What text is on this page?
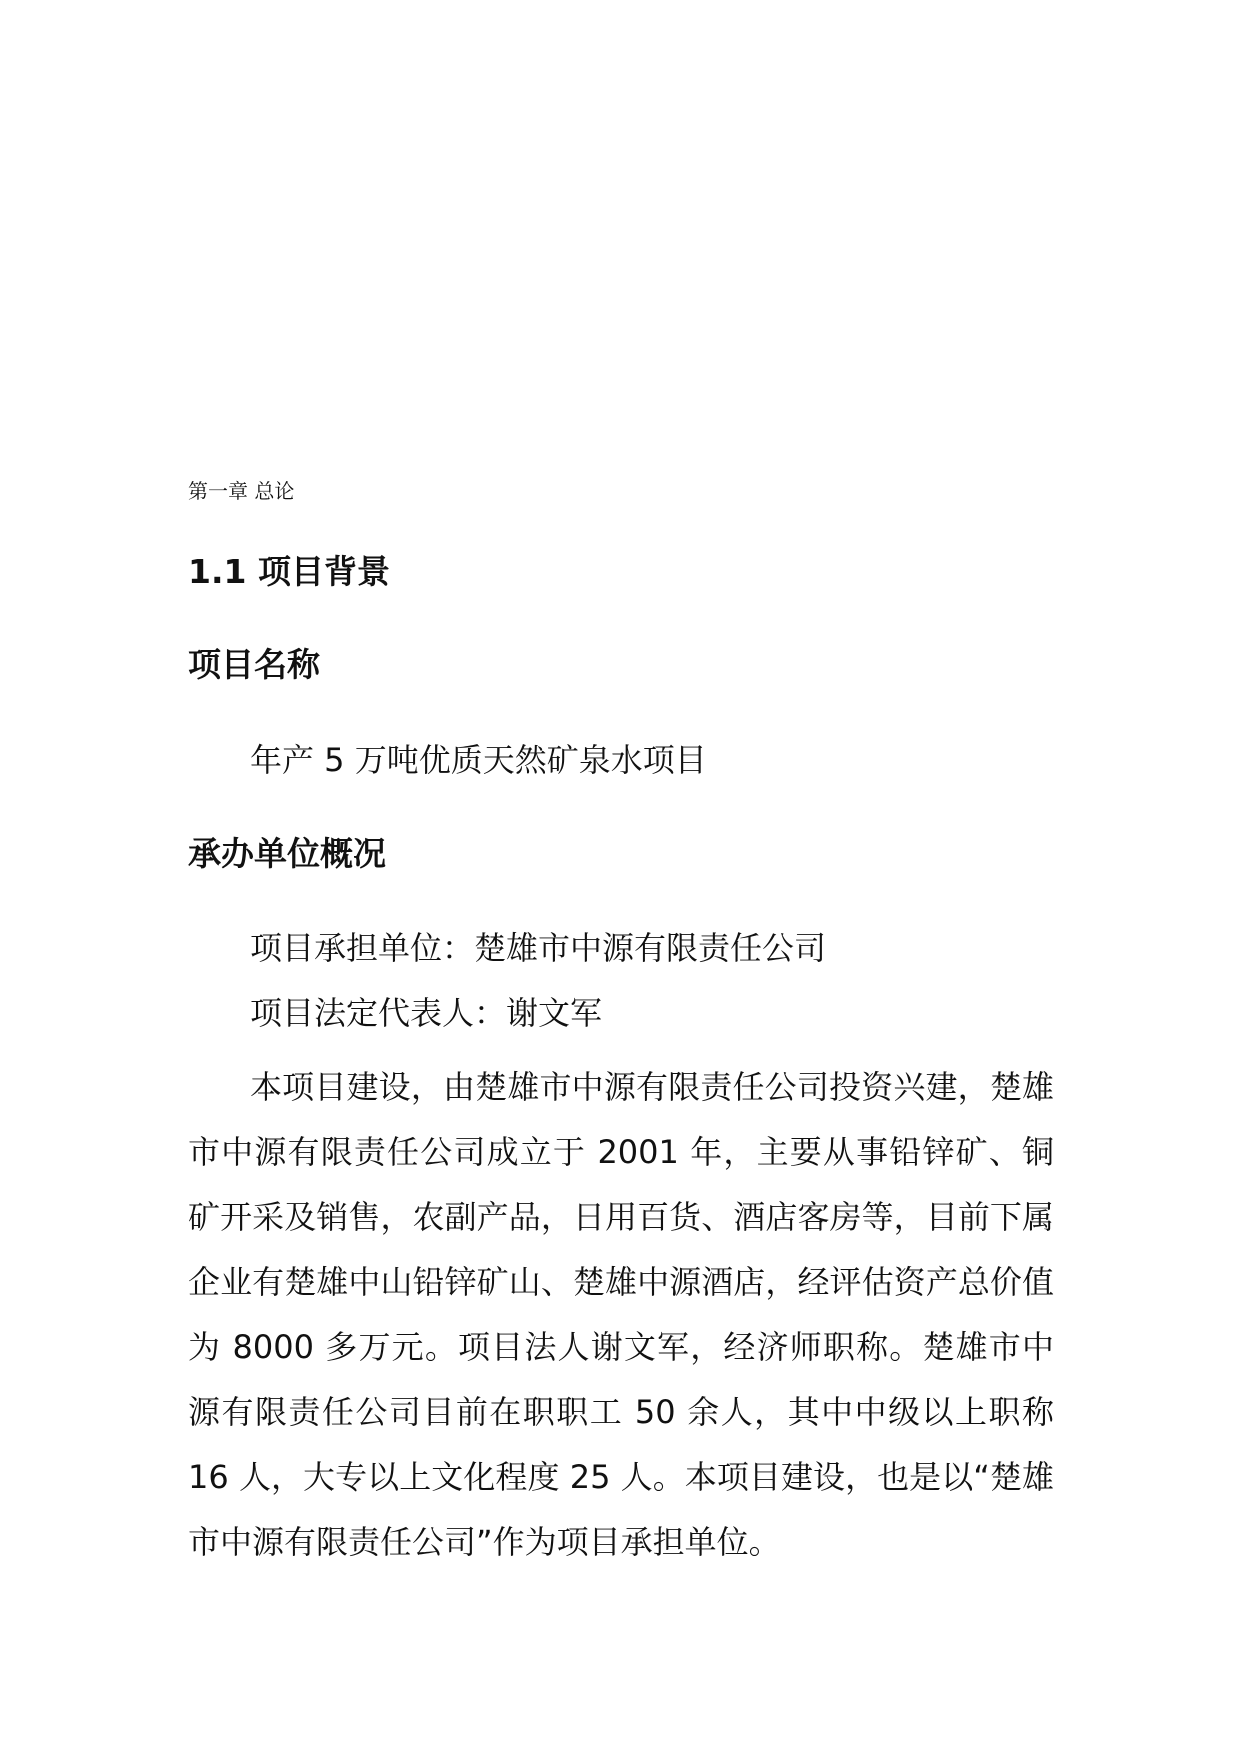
第一章 总论
1.1 项目背景
项目名称
年产 5 万吨优质天然矿泉水项目
承办单位概况
项目承担单位：楚雄市中源有限责任公司
项目法定代表人：谢文军

本项目建设，由楚雄市中源有限责任公司投资兴建，楚雄市中源有限责任公司成立于 2001 年，主要从事铅锌矿、铜矿开采及销售，农副产品，日用百货、酒店客房等，目前下属企业有楚雄中山铅锌矿山、楚雄中源酒店，经评估资产总价值为 8000 多万元。项目法人谢文军，经济师职称。楚雄市中源有限责任公司目前在职职工 50 余人，其中中级以上职称 16 人，大专以上文化程度 25 人。本项目建设，也是以“楚雄市中源有限责任公司”作为项目承担单位。
